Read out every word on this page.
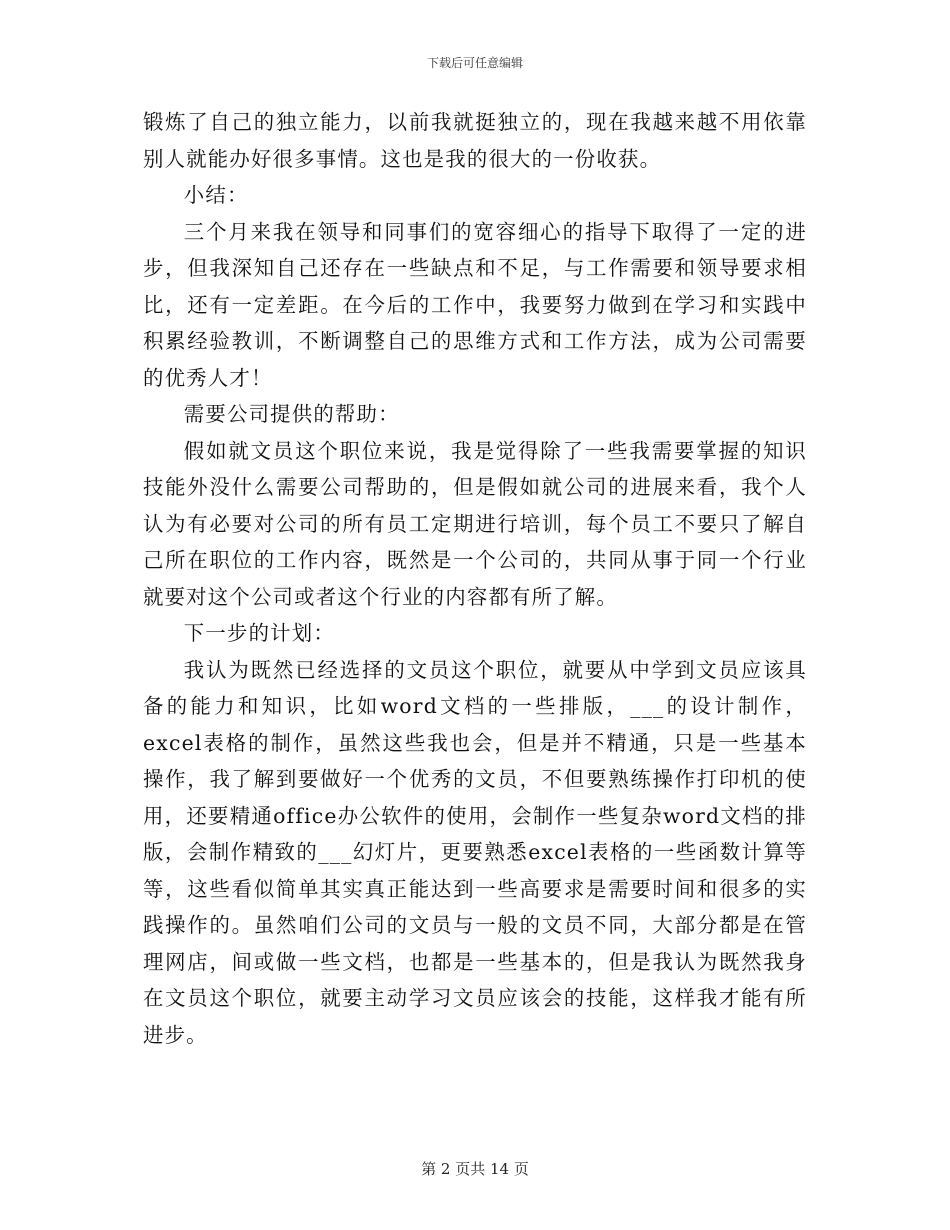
下载后可任意编辑

锻炼了自己的独立能力，以前我就挺独立的，现在我越来越不用依靠别人就能办好很多事情。这也是我的很大的一份收获。

小结：

三个月来我在领导和同事们的宽容细心的指导下取得了一定的进步，但我深知自己还存在一些缺点和不足，与工作需要和领导要求相比，还有一定差距。在今后的工作中，我要努力做到在学习和实践中积累经验教训，不断调整自己的思维方式和工作方法，成为公司需要的优秀人才！

需要公司提供的帮助：

假如就文员这个职位来说，我是觉得除了一些我需要掌握的知识技能外没什么需要公司帮助的，但是假如就公司的进展来看，我个人认为有必要对公司的所有员工定期进行培训，每个员工不要只了解自己所在职位的工作内容，既然是一个公司的，共同从事于同一个行业就要对这个公司或者这个行业的内容都有所了解。

下一步的计划：

我认为既然已经选择的文员这个职位，就要从中学到文员应该具备的能力和知识，比如word文档的一些排版，___的设计制作，excel表格的制作，虽然这些我也会，但是并不精通，只是一些基本操作，我了解到要做好一个优秀的文员，不但要熟练操作打印机的使用，还要精通office办公软件的使用，会制作一些复杂word文档的排版，会制作精致的___幻灯片，更要熟悉excel表格的一些函数计算等等，这些看似简单其实真正能达到一些高要求是需要时间和很多的实践操作的。虽然咱们公司的文员与一般的文员不同，大部分都是在管理网店，间或做一些文档，也都是一些基本的，但是我认为既然我身在文员这个职位，就要主动学习文员应该会的技能，这样我才能有所进步。

第 2 页共 14 页
